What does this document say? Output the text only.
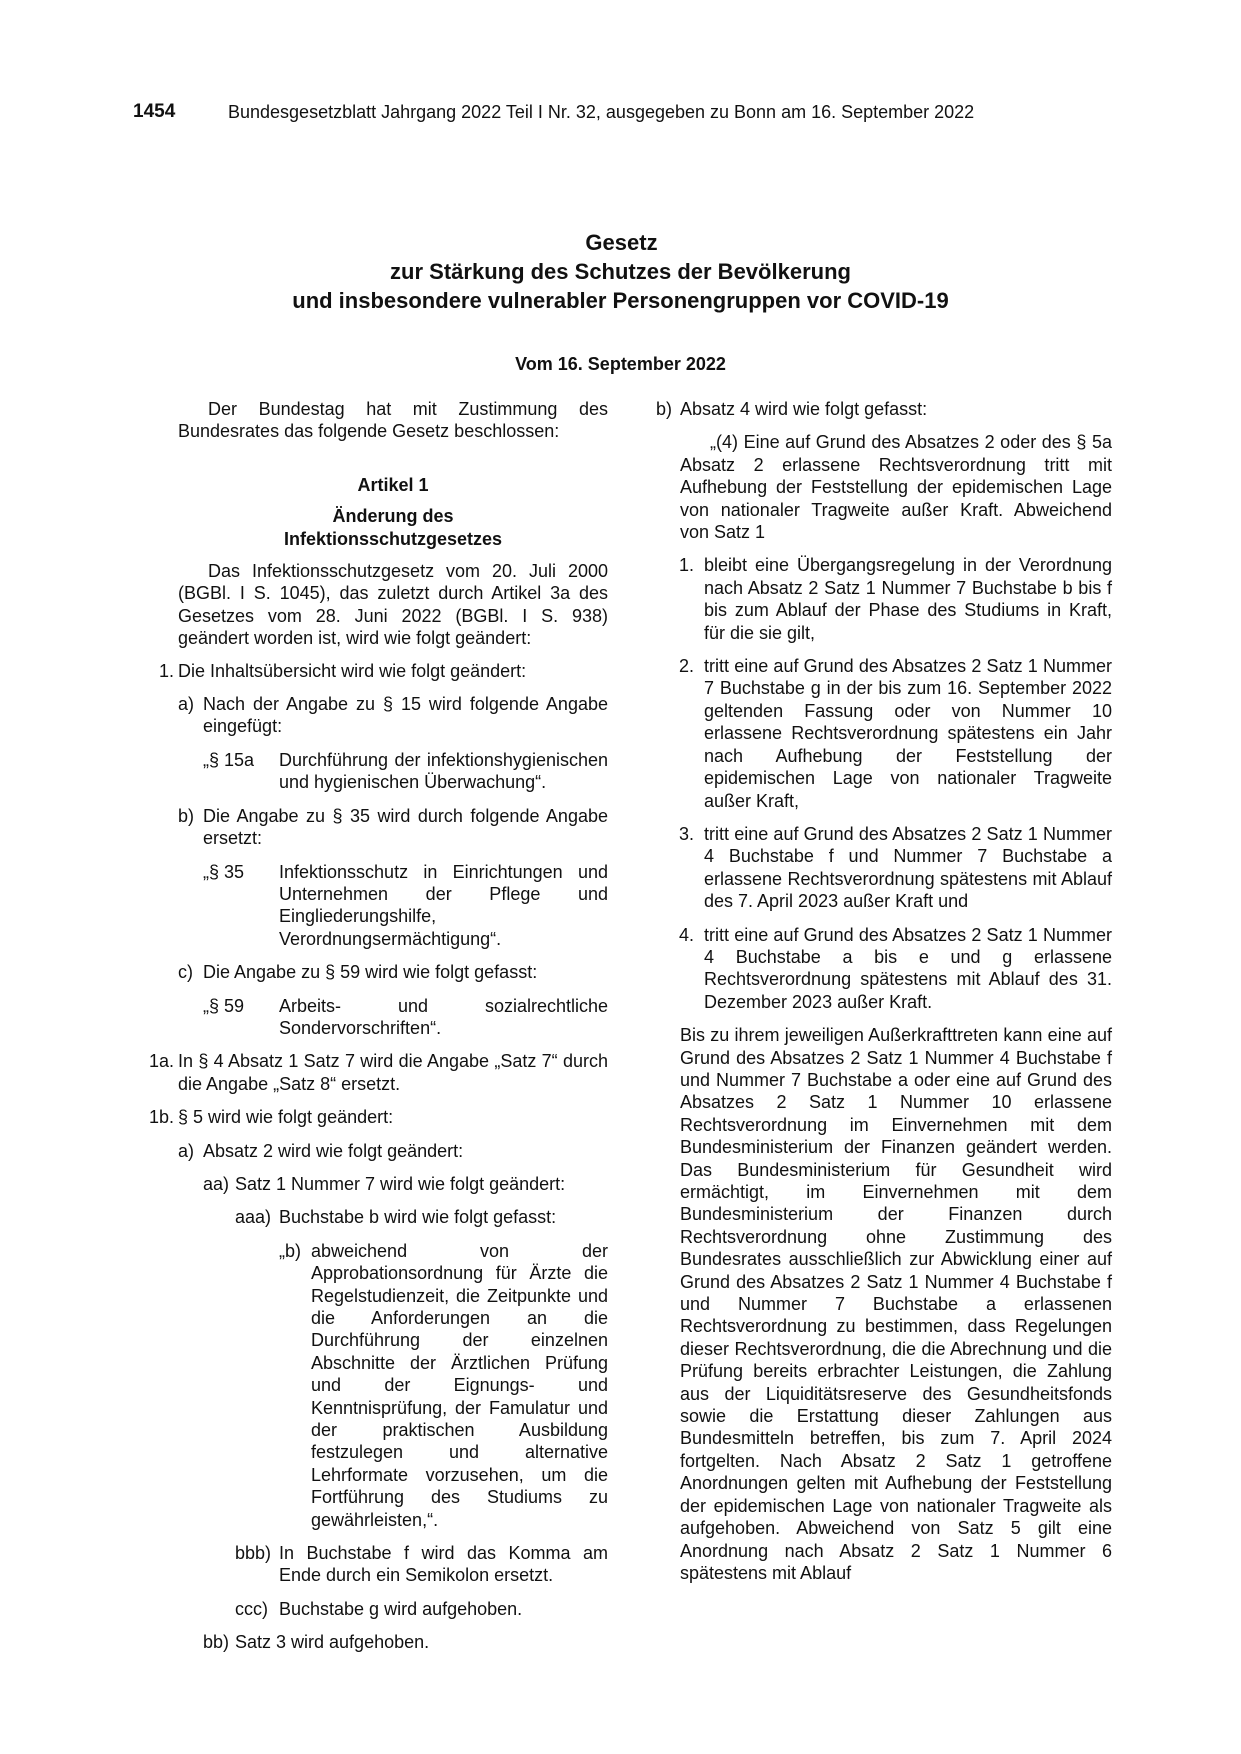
1454	Bundesgesetzblatt Jahrgang 2022 Teil I Nr. 32, ausgegeben zu Bonn am 16. September 2022

Gesetz

zur Stärkung des Schutzes der Bevölkerung

und insbesondere vulnerabler Personengruppen vor COVID-19

Vom 16. September 2022

Der Bundestag hat mit Zustimmung des Bundesrates das folgende Gesetz beschlossen:

Artikel 1

Änderung des

Infektionsschutzgesetzes

Das Infektionsschutzgesetz vom 20. Juli 2000 (BGBl. I S. 1045), das zuletzt durch Artikel 3a des Gesetzes vom 28. Juni 2022 (BGBl. I S. 938) geändert worden ist, wird wie folgt geändert:

1. Die Inhaltsübersicht wird wie folgt geändert:
a) Nach der Angabe zu § 15 wird folgende Angabe eingefügt:
„§ 15a	Durchführung der infektionshygienischen und hygienischen Überwachung“.
b) Die Angabe zu § 35 wird durch folgende Angabe ersetzt:
„§ 35	Infektionsschutz in Einrichtungen und Unternehmen der Pflege und Eingliederungshilfe, Verordnungsermächtigung“.
c) Die Angabe zu § 59 wird wie folgt gefasst:
„§ 59	Arbeits- und sozialrechtliche Sondervorschriften“.
1a. In § 4 Absatz 1 Satz 7 wird die Angabe „Satz 7“ durch die Angabe „Satz 8“ ersetzt.
1b. § 5 wird wie folgt geändert:
a) Absatz 2 wird wie folgt geändert:
aa) Satz 1 Nummer 7 wird wie folgt geändert:
aaa) Buchstabe b wird wie folgt gefasst:
„b) abweichend von der Approbationsordnung für Ärzte die Regelstudienzeit, die Zeitpunkte und die Anforderungen an die Durchführung der einzelnen Abschnitte der Ärztlichen Prüfung und der Eignungs- und Kenntnisprüfung, der Famulatur und der praktischen Ausbildung festzulegen und alternative Lehrformate vorzusehen, um die Fortführung des Studiums zu gewährleisten,“.
bbb) In Buchstabe f wird das Komma am Ende durch ein Semikolon ersetzt.
ccc) Buchstabe g wird aufgehoben.
bb) Satz 3 wird aufgehoben.
b) Absatz 4 wird wie folgt gefasst:

„(4) Eine auf Grund des Absatzes 2 oder des § 5a Absatz 2 erlassene Rechtsverordnung tritt mit Aufhebung der Feststellung der epidemischen Lage von nationaler Tragweite außer Kraft. Abweichend von Satz 1

1. bleibt eine Übergangsregelung in der Verordnung nach Absatz 2 Satz 1 Nummer 7 Buchstabe b bis f bis zum Ablauf der Phase des Studiums in Kraft, für die sie gilt,
2. tritt eine auf Grund des Absatzes 2 Satz 1 Nummer 7 Buchstabe g in der bis zum 16. September 2022 geltenden Fassung oder von Nummer 10 erlassene Rechtsverordnung spätestens ein Jahr nach Aufhebung der Feststellung der epidemischen Lage von nationaler Tragweite außer Kraft,
3. tritt eine auf Grund des Absatzes 2 Satz 1 Nummer 4 Buchstabe f und Nummer 7 Buchstabe a erlassene Rechtsverordnung spätestens mit Ablauf des 7. April 2023 außer Kraft und
4. tritt eine auf Grund des Absatzes 2 Satz 1 Nummer 4 Buchstabe a bis e und g erlassene Rechtsverordnung spätestens mit Ablauf des 31. Dezember 2023 außer Kraft.

Bis zu ihrem jeweiligen Außerkrafttreten kann eine auf Grund des Absatzes 2 Satz 1 Nummer 4 Buchstabe f und Nummer 7 Buchstabe a oder eine auf Grund des Absatzes 2 Satz 1 Nummer 10 erlassene Rechtsverordnung im Einvernehmen mit dem Bundesministerium der Finanzen geändert werden. Das Bundesministerium für Gesundheit wird ermächtigt, im Einvernehmen mit dem Bundesministerium der Finanzen durch Rechtsverordnung ohne Zustimmung des Bundesrates ausschließlich zur Abwicklung einer auf Grund des Absatzes 2 Satz 1 Nummer 4 Buchstabe f und Nummer 7 Buchstabe a erlassenen Rechtsverordnung zu bestimmen, dass Regelungen dieser Rechtsverordnung, die die Abrechnung und die Prüfung bereits erbrachter Leistungen, die Zahlung aus der Liquiditätsreserve des Gesundheitsfonds sowie die Erstattung dieser Zahlungen aus Bundesmitteln betreffen, bis zum 7. April 2024 fortgelten. Nach Absatz 2 Satz 1 getroffene Anordnungen gelten mit Aufhebung der Feststellung der epidemischen Lage von nationaler Tragweite als aufgehoben. Abweichend von Satz 5 gilt eine Anordnung nach Absatz 2 Satz 1 Nummer 6 spätestens mit Ablauf
